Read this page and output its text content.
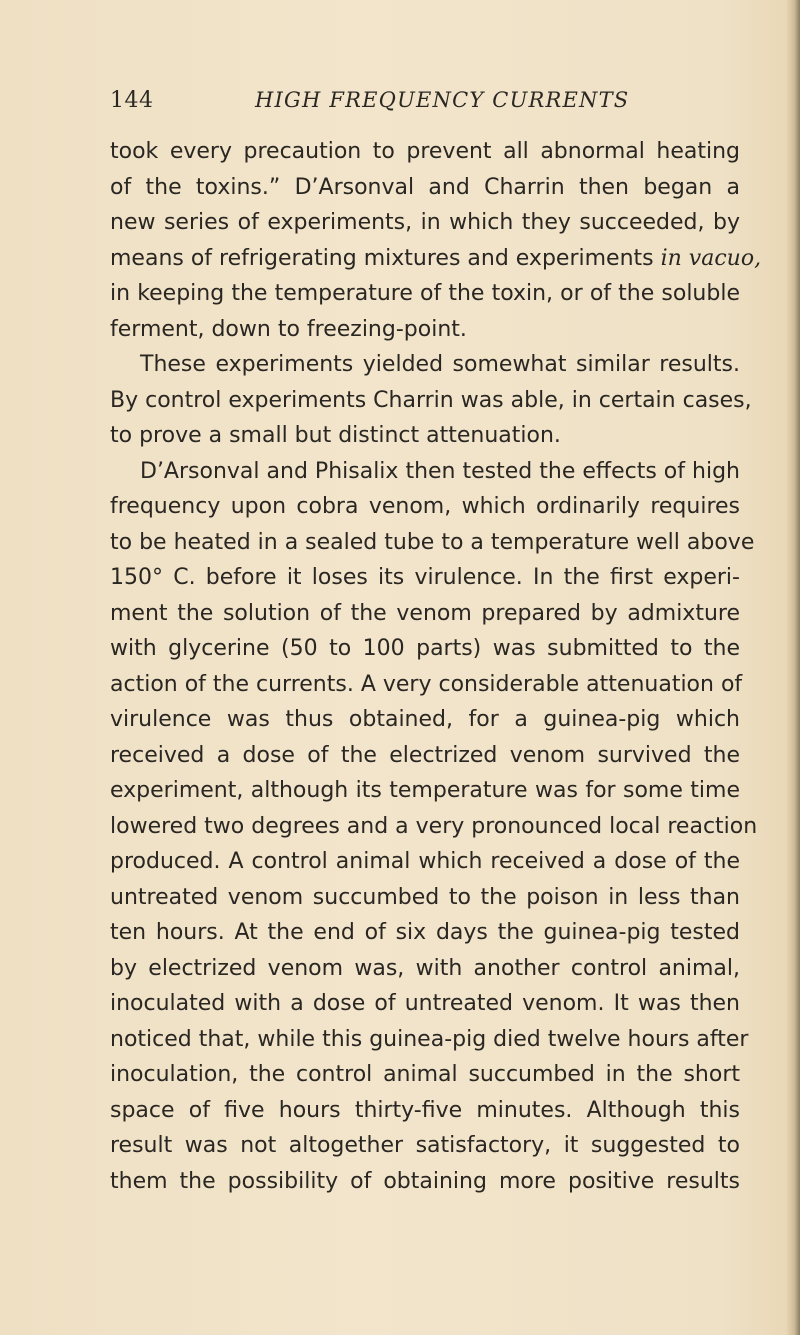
144	HIGH FREQUENCY CURRENTS
took every precaution to prevent all abnormal heating
of the toxins.” D’Arsonval and Charrin then began a
new series of experiments, in which they succeeded, by
means of refrigerating mixtures and experiments in vacuo,
in keeping the temperature of the toxin, or of the soluble
ferment, down to freezing-point.
These experiments yielded somewhat similar results.
By control experiments Charrin was able, in certain cases,
to prove a small but distinct attenuation.
D’Arsonval and Phisalix then tested the effects of high
frequency upon cobra venom, which ordinarily requires
to be heated in a sealed tube to a temperature well above
150° C. before it loses its virulence. In the first experi-
ment the solution of the venom prepared by admixture
with glycerine (50 to 100 parts) was submitted to the
action of the currents. A very considerable attenuation of
virulence was thus obtained, for a guinea-pig which
received a dose of the electrized venom survived the
experiment, although its temperature was for some time
lowered two degrees and a very pronounced local reaction
produced. A control animal which received a dose of the
untreated venom succumbed to the poison in less than
ten hours. At the end of six days the guinea-pig tested
by electrized venom was, with another control animal,
inoculated with a dose of untreated venom. It was then
noticed that, while this guinea-pig died twelve hours after
inoculation, the control animal succumbed in the short
space of five hours thirty-five minutes. Although this
result was not altogether satisfactory, it suggested to
them the possibility of obtaining more positive results
